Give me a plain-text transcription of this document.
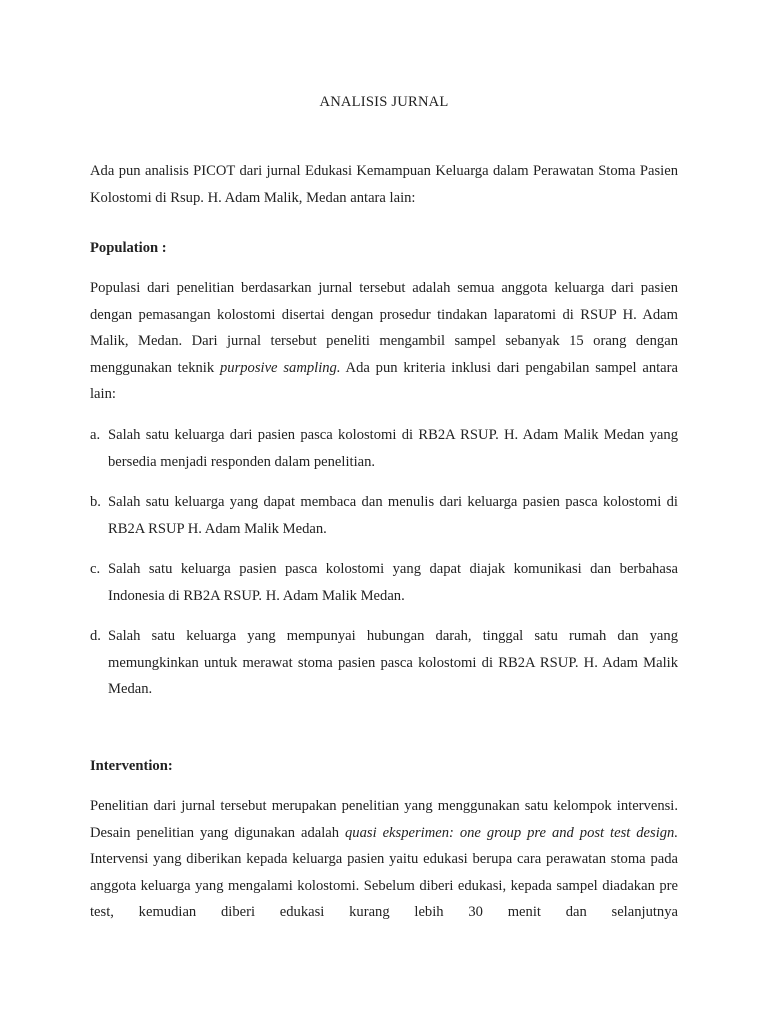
ANALISIS JURNAL

Ada pun analisis PICOT dari jurnal Edukasi Kemampuan Keluarga dalam Perawatan Stoma Pasien Kolostomi di Rsup. H. Adam Malik, Medan antara lain:

Population :

Populasi dari penelitian berdasarkan jurnal tersebut adalah semua anggota keluarga dari pasien dengan pemasangan kolostomi disertai dengan prosedur tindakan laparatomi di RSUP H. Adam Malik, Medan. Dari jurnal tersebut peneliti mengambil sampel sebanyak 15 orang dengan menggunakan teknik purposive sampling. Ada pun kriteria inklusi dari pengabilan sampel antara lain:

a. Salah satu keluarga dari pasien pasca kolostomi di RB2A RSUP. H. Adam Malik Medan yang bersedia menjadi responden dalam penelitian.
b. Salah satu keluarga yang dapat membaca dan menulis dari keluarga pasien pasca kolostomi di RB2A RSUP H. Adam Malik Medan.
c. Salah satu keluarga pasien pasca kolostomi yang dapat diajak komunikasi dan berbahasa Indonesia di RB2A RSUP. H. Adam Malik Medan.
d. Salah satu keluarga yang mempunyai hubungan darah, tinggal satu rumah dan yang memungkinkan untuk merawat stoma pasien pasca kolostomi di RB2A RSUP. H. Adam Malik Medan.
Intervention:

Penelitian dari jurnal tersebut merupakan penelitian yang menggunakan satu kelompok intervensi. Desain penelitian yang digunakan adalah quasi eksperimen: one group pre and post test design. Intervensi yang diberikan kepada keluarga pasien yaitu edukasi berupa cara perawatan stoma pada anggota keluarga yang mengalami kolostomi. Sebelum diberi edukasi, kepada sampel diadakan pre test, kemudian diberi edukasi kurang lebih 30 menit dan selanjutnya
